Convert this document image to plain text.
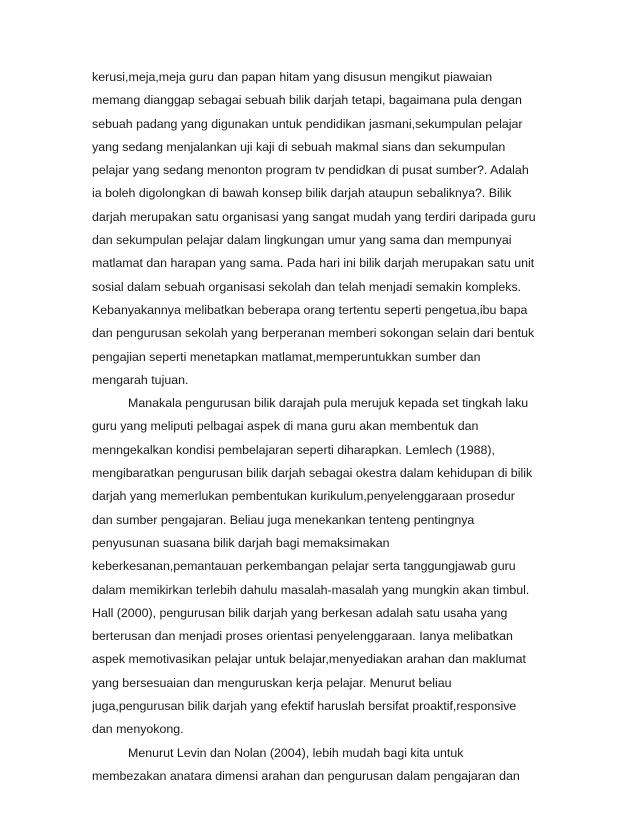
kerusi,meja,meja guru dan papan hitam yang disusun mengikut piawaian
memang dianggap sebagai sebuah bilik darjah tetapi, bagaimana pula dengan
sebuah padang yang digunakan untuk pendidikan jasmani,sekumpulan pelajar
yang sedang menjalankan uji kaji di sebuah makmal sians dan sekumpulan
pelajar yang sedang menonton program tv pendidkan di pusat sumber?. Adalah
ia boleh digolongkan di bawah konsep bilik darjah ataupun sebaliknya?. Bilik
darjah merupakan satu organisasi yang sangat mudah yang terdiri daripada guru
dan sekumpulan pelajar dalam lingkungan umur yang sama dan mempunyai
matlamat dan harapan yang sama. Pada hari ini bilik darjah merupakan satu unit
sosial dalam sebuah organisasi sekolah dan telah menjadi semakin kompleks.
Kebanyakannya melibatkan beberapa orang tertentu seperti pengetua,ibu bapa
dan pengurusan sekolah yang berperanan memberi sokongan selain dari bentuk
pengajian seperti menetapkan matlamat,memperuntukkan sumber dan
mengarah tujuan.
Manakala pengurusan bilik darajah pula merujuk kepada set tingkah laku
guru yang meliputi pelbagai aspek di mana guru akan membentuk dan
menngekalkan kondisi pembelajaran seperti diharapkan. Lemlech (1988),
mengibaratkan pengurusan bilik darjah sebagai okestra dalam kehidupan di bilik
darjah yang memerlukan pembentukan kurikulum,penyelenggaraan prosedur
dan sumber pengajaran. Beliau juga menekankan tenteng pentingnya
penyusunan suasana bilik darjah bagi memaksimakan
keberkesanan,pemantauan perkembangan pelajar serta tanggungjawab guru
dalam memikirkan terlebih dahulu masalah-masalah yang mungkin akan timbul.
Hall (2000), pengurusan bilik darjah yang berkesan adalah satu usaha yang
berterusan dan menjadi proses orientasi penyelenggaraan. Ianya melibatkan
aspek memotivasikan pelajar untuk belajar,menyediakan arahan dan maklumat
yang bersesuaian dan menguruskan kerja pelajar. Menurut beliau
juga,pengurusan bilik darjah yang efektif haruslah bersifat proaktif,responsive
dan menyokong.
Menurut Levin dan Nolan (2004), lebih mudah bagi kita untuk
membezakan anatara dimensi arahan dan pengurusan dalam pengajaran dan
